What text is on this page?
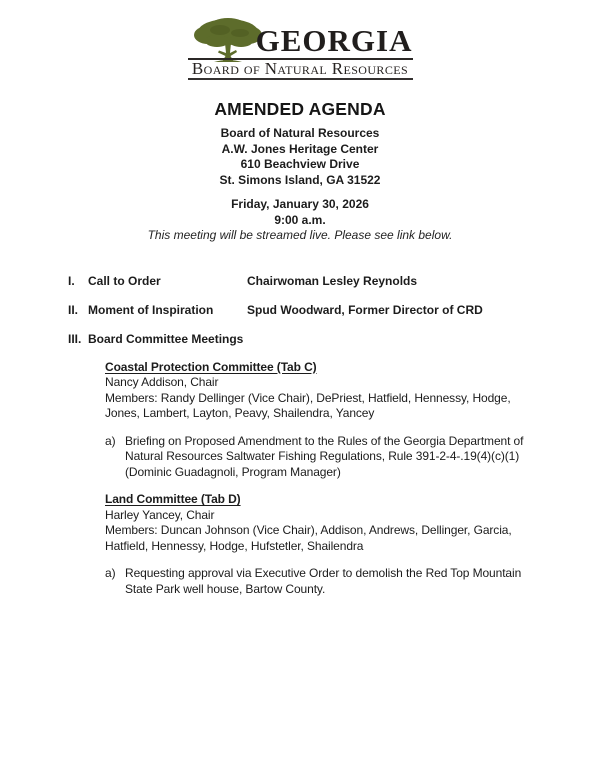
GEORGIA
Board of Natural Resources
AMENDED AGENDA
Board of Natural Resources
A.W. Jones Heritage Center
610 Beachview Drive
St. Simons Island, GA 31522
Friday, January 30, 2026
9:00 a.m.
This meeting will be streamed live. Please see link below.
I.	Call to Order	Chairwoman Lesley Reynolds
II. Moment of Inspiration	Spud Woodward, Former Director of CRD
III. Board Committee Meetings
Coastal Protection Committee (Tab C)
Nancy Addison, Chair
Members: Randy Dellinger (Vice Chair), DePriest, Hatfield, Hennessy, Hodge, Jones, Lambert, Layton, Peavy, Shailendra, Yancey
a) Briefing on Proposed Amendment to the Rules of the Georgia Department of Natural Resources Saltwater Fishing Regulations, Rule 391-2-4-.19(4)(c)(1) (Dominic Guadagnoli, Program Manager)
Land Committee (Tab D)
Harley Yancey, Chair
Members: Duncan Johnson (Vice Chair), Addison, Andrews, Dellinger, Garcia, Hatfield, Hennessy, Hodge, Hufstetler, Shailendra
a) Requesting approval via Executive Order to demolish the Red Top Mountain State Park well house, Bartow County.
